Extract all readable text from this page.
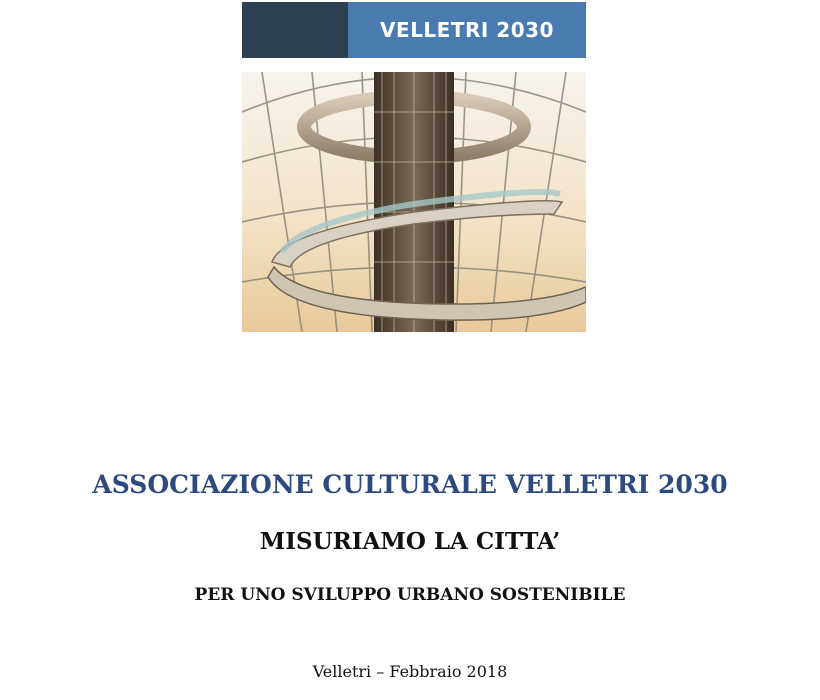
VELLETRI 2030
ASSOCIAZIONE CULTURALE VELLETRI 2030
MISURIAMO LA CITTA’
PER UNO SVILUPPO URBANO SOSTENIBILE
Velletri – Febbraio 2018
